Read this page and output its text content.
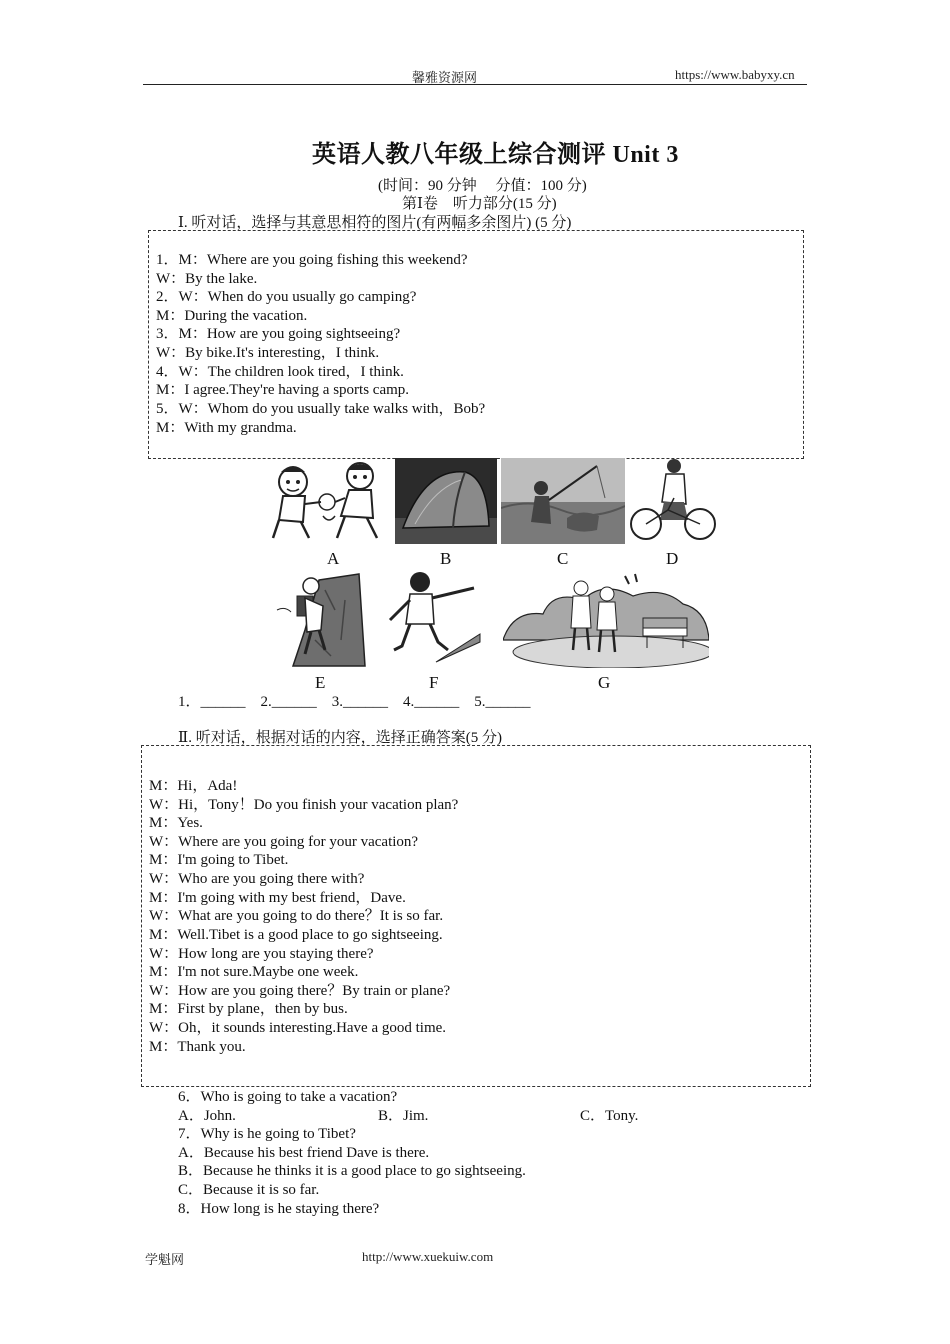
馨雅资源网	https://www.babyxy.cn
英语人教八年级上综合测评 Unit 3
(时间：90 分钟　 分值：100 分)
第Ⅰ卷　听力部分(15 分)
Ⅰ. 听对话，选择与其意思相符的图片(有两幅多余图片) (5 分)
1．M：Where are you going fishing this weekend?
W：By the lake.
2．W：When do you usually go camping?
M：During the vacation.
3．M：How are you going sightseeing?
W：By bike.It's interesting，I think.
4．W：The children look tired，I think.
M：I agree.They're having a sports camp.
5．W：Whom do you usually take walks with，Bob?
M：With my grandma.
A	B	C	D
E	F	G
1．______　2.______　3.______　4.______　5.______
Ⅱ. 听对话，根据对话的内容，选择正确答案(5 分)
M：Hi，Ada!
W：Hi，Tony！Do you finish your vacation plan?
M：Yes.
W：Where are you going for your vacation?
M：I'm going to Tibet.
W：Who are you going there with?
M：I'm going with my best friend，Dave.
W：What are you going to do there？It is so far.
M：Well.Tibet is a good place to go sightseeing.
W：How long are you staying there?
M：I'm not sure.Maybe one week.
W：How are you going there？By train or plane?
M：First by plane，then by bus.
W：Oh，it sounds interesting.Have a good time.
M：Thank you.
6．Who is going to take a vacation?
A．John.	B．Jim.	C．Tony.
7．Why is he going to Tibet?
A．Because his best friend Dave is there.
B．Because he thinks it is a good place to go sightseeing.
C．Because it is so far.
8．How long is he staying there?
学魁网	http://www.xuekuiw.com
